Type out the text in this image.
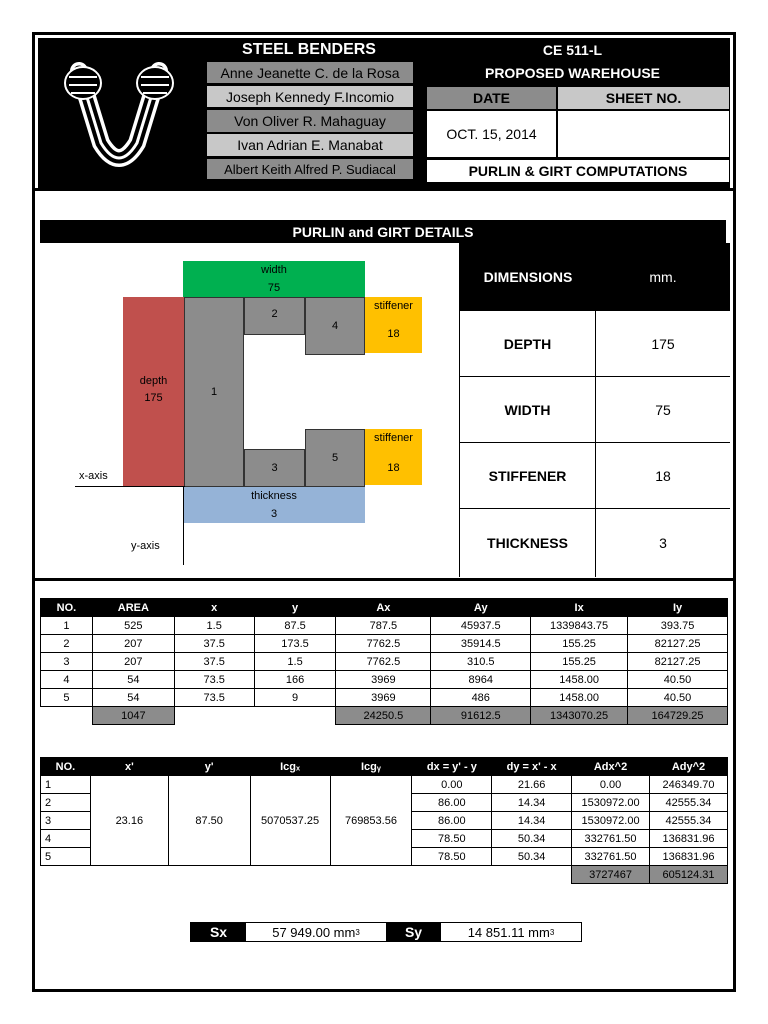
STEEL BENDERS
Anne Jeanette C. de la Rosa
Joseph Kennedy F.Incomio
Von Oliver R. Mahaguay
Ivan Adrian E. Manabat
Albert Keith Alfred P. Sudiacal
CE 511-L
PROPOSED WAREHOUSE
DATE	SHEET NO.
OCT. 15, 2014
PURLIN & GIRT COMPUTATIONS
PURLIN and GIRT DETAILS
width
75
depth
175	1
2
4
3
5
stiffener
18
stiffener
18
thickness
3
x-axis
y-axis
DIMENSIONS	mm.
DEPTH	175
WIDTH	75
STIFFENER	18
THICKNESS	3
NO.	AREA	x	y	Ax	Ay	Ix	Iy
1	525	1.5	87.5	787.5	45937.5	1339843.75	393.75
2	207	37.5	173.5	7762.5	35914.5	155.25	82127.25
3	207	37.5	1.5	7762.5	310.5	155.25	82127.25
4	54	73.5	166	3969	8964	1458.00	40.50
5	54	73.5	9	3969	486	1458.00	40.50
	1047			24250.5	91612.5	1343070.25	164729.25
NO.	x'	y'	Icgₓ	Icgᵧ	dx = y' - y	dy = x' - x	Adx^2	Ady^2
1	23.16	87.50	5070537.25	769853.56	0.00	21.66	0.00	246349.70
2					86.00	14.34	1530972.00	42555.34
3					86.00	14.34	1530972.00	42555.34
4					78.50	50.34	332761.50	136831.96
5					78.50	50.34	332761.50	136831.96
							3727467	605124.31
Sx	57 949.00 mm 3	Sy	14 851.11 mm 3
